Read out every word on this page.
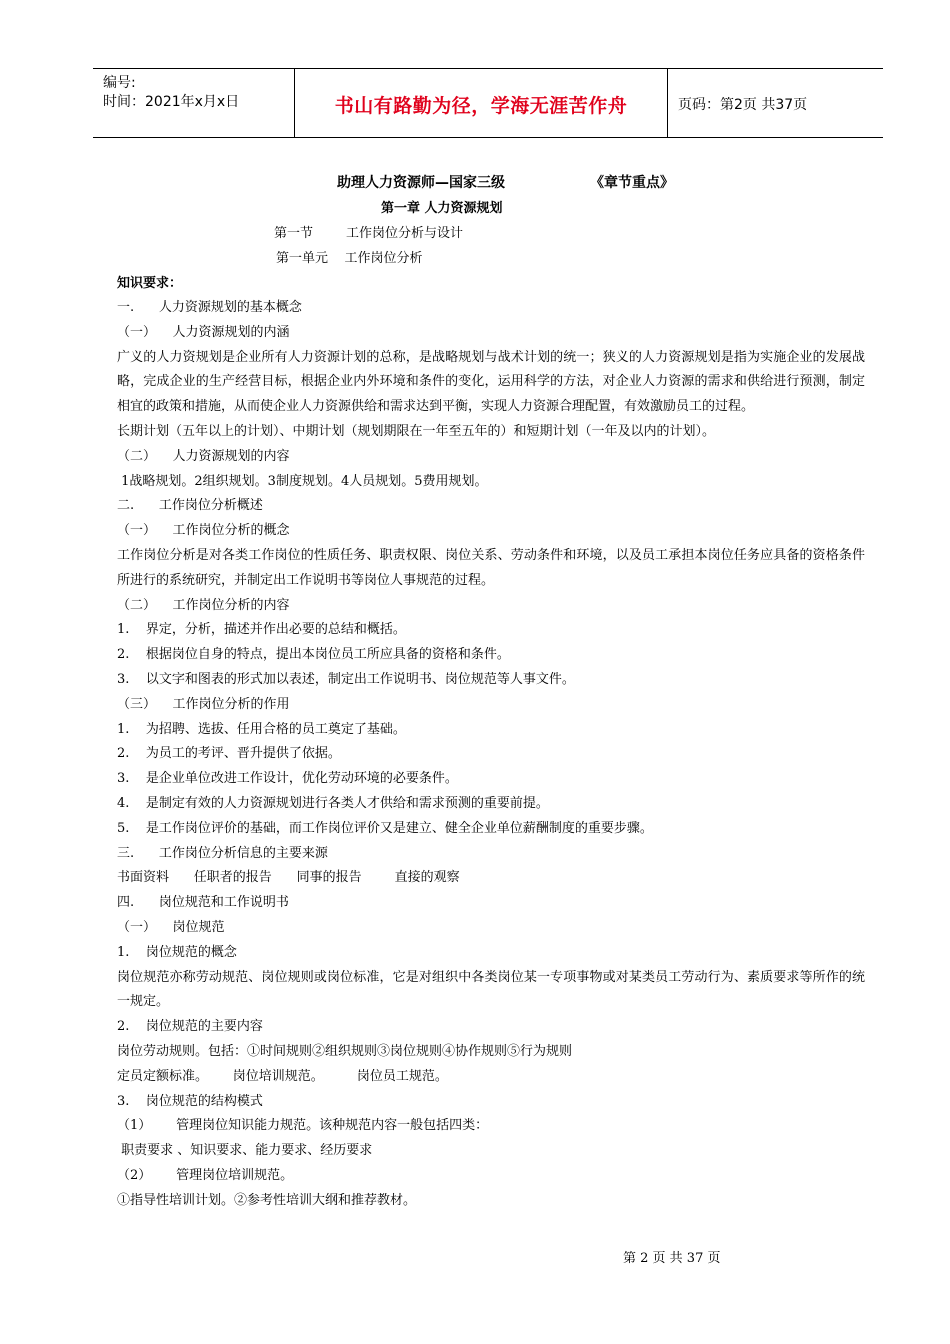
编号:
时间：2021年x月x日	书山有路勤为径，学海无涯苦作舟	页码：第2页 共37页
助理人力资源师—国家三级	《章节重点》
第一章 人力资源规划
第一节        工作岗位分析与设计
第一单元    工作岗位分析
知识要求：
一.      人力资源规划的基本概念
（一）    人力资源规划的内涵
广义的人力资规划是企业所有人力资源计划的总称，是战略规划与战术计划的统一；狭义的人力资源规划是指为实施企业的发展战略，完成企业的生产经营目标，根据企业内外环境和条件的变化，运用科学的方法，对企业人力资源的需求和供给进行预测，制定相宜的政策和措施，从而使企业人力资源供给和需求达到平衡，实现人力资源合理配置，有效激励员工的过程。
长期计划（五年以上的计划）、中期计划（规划期限在一年至五年的）和短期计划（一年及以内的计划）。
（二）    人力资源规划的内容
1战略规划。2组织规划。3制度规划。4人员规划。5费用规划。
二.      工作岗位分析概述
（一）    工作岗位分析的概念
工作岗位分析是对各类工作岗位的性质任务、职责权限、岗位关系、劳动条件和环境，以及员工承担本岗位任务应具备的资格条件所进行的系统研究，并制定出工作说明书等岗位人事规范的过程。
（二）    工作岗位分析的内容
1.    界定，分析，描述并作出必要的总结和概括。
2.    根据岗位自身的特点，提出本岗位员工所应具备的资格和条件。
3.    以文字和图表的形式加以表述，制定出工作说明书、岗位规范等人事文件。
（三）    工作岗位分析的作用
1.    为招聘、选拔、任用合格的员工奠定了基础。
2.    为员工的考评、晋升提供了依据。
3.    是企业单位改进工作设计，优化劳动环境的必要条件。
4.    是制定有效的人力资源规划进行各类人才供给和需求预测的重要前提。
5.    是工作岗位评价的基础，而工作岗位评价又是建立、健全企业单位薪酬制度的重要步骤。
三.      工作岗位分析信息的主要来源
书面资料      任职者的报告      同事的报告        直接的观察
四.      岗位规范和工作说明书
（一）    岗位规范
1.    岗位规范的概念
岗位规范亦称劳动规范、岗位规则或岗位标准，它是对组织中各类岗位某一专项事物或对某类员工劳动行为、素质要求等所作的统一规定。
2.    岗位规范的主要内容
岗位劳动规则。包括：①时间规则②组织规则③岗位规则④协作规则⑤行为规则
定员定额标准。      岗位培训规范。        岗位员工规范。
3.    岗位规范的结构模式
（1）      管理岗位知识能力规范。该种规范内容一般包括四类：
职责要求 、知识要求、能力要求、经历要求
（2）      管理岗位培训规范。
①指导性培训计划。②参考性培训大纲和推荐教材。
第 2 页 共 37 页
